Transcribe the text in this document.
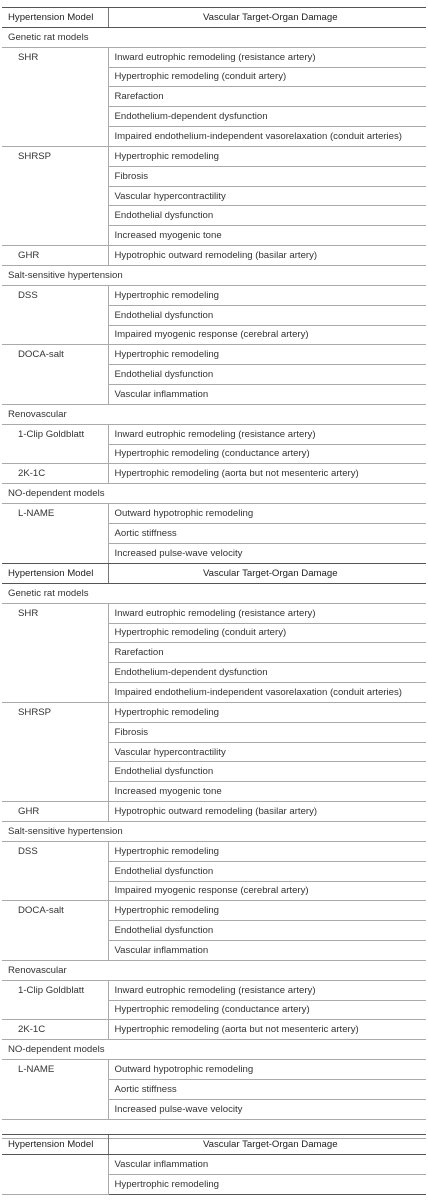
Hypertension Model	Vascular Target-Organ Damage
Genetic rat models	
SHR	Inward eutrophic remodeling (resistance artery)
	Hypertrophic remodeling (conduit artery)
	Rarefaction
	Endothelium-dependent dysfunction
	Impaired endothelium-independent vasorelaxation (conduit arteries)
SHRSP	Hypertrophic remodeling
	Fibrosis
	Vascular hypercontractility
	Endothelial dysfunction
	Increased myogenic tone
GHR	Hypotrophic outward remodeling (basilar artery)
Salt-sensitive hypertension	
DSS	Hypertrophic remodeling
	Endothelial dysfunction
	Impaired myogenic response (cerebral artery)
DOCA-salt	Hypertrophic remodeling
	Endothelial dysfunction
	Vascular inflammation
Renovascular	
1-Clip Goldblatt	Inward eutrophic remodeling (resistance artery)
	Hypertrophic remodeling (conductance artery)
2K-1C	Hypertrophic remodeling (aorta but not mesenteric artery)
NO-dependent models	
L-NAME	Outward hypotrophic remodeling
	Aortic stiffness
	Increased pulse-wave velocity
Hypertension Model	Vascular Target-Organ Damage
Genetic rat models	
SHR	Inward eutrophic remodeling (resistance artery)
	Hypertrophic remodeling (conduit artery)
	Rarefaction
	Endothelium-dependent dysfunction
	Impaired endothelium-independent vasorelaxation (conduit arteries)
SHRSP	Hypertrophic remodeling
	Fibrosis
	Vascular hypercontractility
	Endothelial dysfunction
	Increased myogenic tone
GHR	Hypotrophic outward remodeling (basilar artery)
Salt-sensitive hypertension	
DSS	Hypertrophic remodeling
	Endothelial dysfunction
	Impaired myogenic response (cerebral artery)
DOCA-salt	Hypertrophic remodeling
	Endothelial dysfunction
	Vascular inflammation
Renovascular	
1-Clip Goldblatt	Inward eutrophic remodeling (resistance artery)
	Hypertrophic remodeling (conductance artery)
2K-1C	Hypertrophic remodeling (aorta but not mesenteric artery)
NO-dependent models	
L-NAME	Outward hypotrophic remodeling
	Aortic stiffness
	Increased pulse-wave velocity

Hypertension Model	Vascular Target-Organ Damage
	Vascular inflammation
	Hypertrophic remodeling
